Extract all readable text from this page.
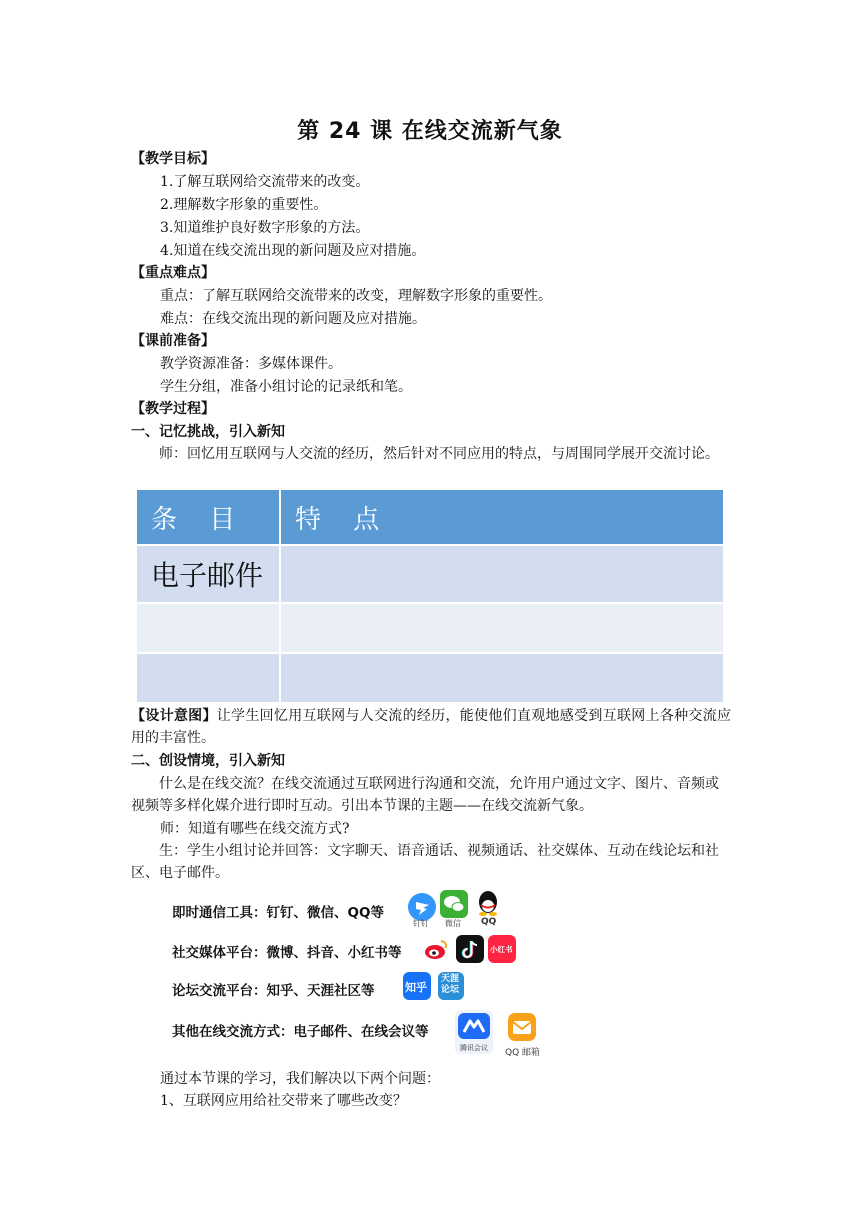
第 24 课 在线交流新气象
【教学目标】
1.了解互联网给交流带来的改变。
2.理解数字形象的重要性。
3.知道维护良好数字形象的方法。
4.知道在线交流出现的新问题及应对措施。
【重点难点】
重点：了解互联网给交流带来的改变，理解数字形象的重要性。
难点：在线交流出现的新问题及应对措施。
【课前准备】
教学资源准备：多媒体课件。
学生分组，准备小组讨论的记录纸和笔。
【教学过程】
一、记忆挑战，引入新知
师：回忆用互联网与人交流的经历，然后针对不同应用的特点，与周围同学展开交流讨论。
条 目	特 点
电子邮件	

【设计意图】让学生回忆用互联网与人交流的经历，能使他们直观地感受到互联网上各种交流应用的丰富性。
二、创设情境，引入新知
什么是在线交流？在线交流通过互联网进行沟通和交流，允许用户通过文字、图片、音频或视频等多样化媒介进行即时互动。引出本节课的主题——在线交流新气象。
师：知道有哪些在线交流方式?
生：学生小组讨论并回答：文字聊天、语音通话、视频通话、社交媒体、互动在线论坛和社区、电子邮件。
即时通信工具：钉钉、微信、QQ等
钉钉 微信 QQ
社交媒体平台：微博、抖音、小红书等	小红书
论坛交流平台：知乎、天涯社区等	知乎
天涯论坛
其他在线交流方式：电子邮件、在线会议等
腾讯会议 QQ 邮箱
通过本节课的学习，我们解决以下两个问题：
1、互联网应用给社交带来了哪些改变？
